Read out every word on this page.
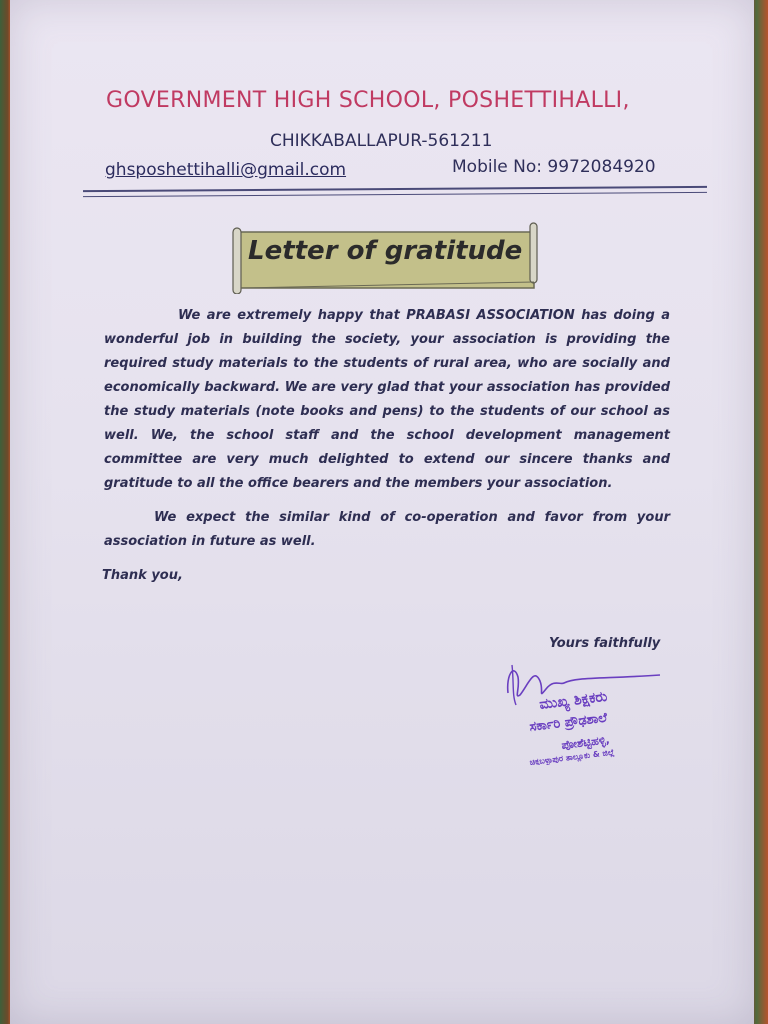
GOVERNMENT HIGH SCHOOL, POSHETTIHALLI,
CHIKKABALLAPUR-561211
ghsposhettihalli@gmail.com	Mobile No: 9972084920
Letter of gratitude
We are extremely happy that PRABASI ASSOCIATION has doing a wonderful job in building the society, your association is providing the required study materials to the students of rural area, who are socially and economically backward. We are very glad that your association has provided the study materials (note books and pens) to the students of our school as well. We, the school staff and the school development management committee are very much delighted to extend our sincere thanks and gratitude to all the office bearers and the members your association.
We expect the similar kind of co-operation and favor from your association in future as well.
Thank you,
Yours faithfully
ಮುಖ್ಯ ಶಿಕ್ಷಕರು
ಸರ್ಕಾರಿ ಪ್ರೌಢಶಾಲೆ
ಪೋಶೆಟ್ಟಿಹಳ್ಳಿ,
ಚಿಕ್ಕಬಳ್ಳಾಪುರ ತಾಲ್ಲೂಕು & ಜಿಲ್ಲೆ
